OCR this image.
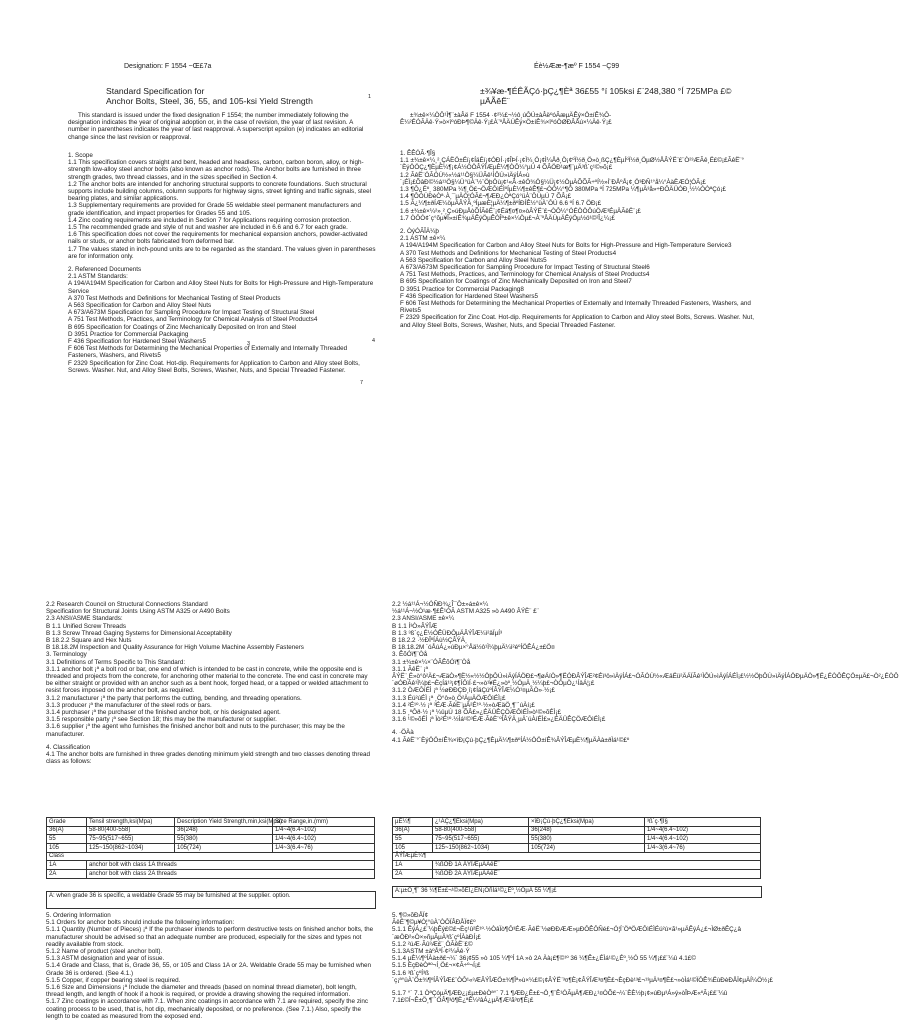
Designation: F 1554 ~Œ£7a	Éè½Ææ-¶æº F 1554 ~Ç99
Standard Specification for
Anchor Bolts, Steel, 36, 55, and 105-ksi Yield Strength	1
±¾¥æ-¶ÉÊÃÇó·þÇ¿¶Èª 36£55 °í 105ksi £¨248,380 °Í 725MPa £©
µÄÃêË¨

This standard is issued under the fixed designation F 1554; the number immediately following the designation indicates the year of original adoption or, in the case of revision, the year of last revision. A number in parentheses indicates the year of last reapproval. A superscript epsilon (e) indicates an editorial change since the last revision or reapproval.

±¾±ê×¼ÒÔ¹Ì¶¨±àÂë F 1554 ·¢²¼£¬½ô¸úÔÚ±àÂëºóÃæµÄÊý×Ö±íÊ¾ÔÊ¼²ÉÓÃÄê·Ý»ò×îºóÐÞ¶©Äê·Ý¡£À¨ºÅÄÚÊý×Ö±íÊ¾×îºóÖØÐÂÅú×¼Äê·Ý¡£

1. Scope

1.1 This specification covers straight and bent, headed and headless, carbon, carbon boron, alloy, or high-strength low-alloy steel anchor bolts (also known as anchor rods). The Anchor bolts are furnished in three strength grades, two thread classes, and in the sizes specified in Section 4.

1.2 The anchor bolts are intended for anchoring structural supports to concrete foundations. Such structural supports include building columns, column supports for highway signs, street lighting and traffic signals, steel bearing plates, and similar applications.

1.3 Supplementary requirements are provided for Grade 55 weldable steel permanent manufacturers and grade identification, and impact properties for Grades 55 and 105.

1.4 Zinc coating requirements are included in Section 7 for Applications requiring corrosion protection.

1.5 The recommended grade and style of nut and washer are included in 6.6 and 6.7 for each grade.

1.6 This specification does not cover the requirements for mechanical expansion anchors, powder-activated nails or studs, or anchor bolts fabricated from deformed bar.

1.7 The values stated in inch-pound units are to be regarded as the standard. The values given in parentheses are for information only.

2. Referenced Documents

2.1 ASTM Standards:

A 194/A194M Specification for Carbon and Alloy Steel Nuts for Bolts for High-Pressure and High-Temperature Service

A 370 Test Methods and Definitions for Mechanical Testing of Steel Products

A 563 Specification for Carbon and Alloy Steel Nuts

A 673/A673M Specification for Sampling Procedure for Impact Testing of Structural Steel

A 751 Test Methods, Practices, and Terminology for Chemical Analysis of Steel Products4

B 695 Specification for Coatings of Zinc Mechanically Deposited on Iron and Steel

D 3951 Practice for Commercial Packaging

F 436 Specification for Hardened Steel Washers5

F 606 Test Methods for Determining the Mechanical Properties of Externally and Internally Threaded Fasteners, Washers, and Rivets5

F 2329 Specification for Zinc Coat. Hot-dip. Requirements for Application to Carbon and Alloy steel Bolts, Screws. Washer. Nut, and Alloy Steel Bolts, Screws, Washer, Nuts, and Special Threaded Fastener.

1. ÊÊÓÃ·¶Î§

1.1 ±¾±ê×¼¸²¸ÇÁËÖ±Éí¡¢ÍäÉí¡¢ÓÐÍ·¡¢ÎÞÍ·¡¢Ì¼¸Ö¡¢Ì¼Åð¸Ö¡¢ºÏ½ð¸Ö»ò¸ßÇ¿¶ÈµÍºÏ½ð¸ÖµØ½ÅÂÝË¨£¨Ò²³ÆÃê¸Ë£©¡£ÃêË¨°´ÈýÖÖÇ¿¶ÈµÈ¼¶¡¢Á½ÖÖÂÝÎÆµÈ¼¶ÒÔ¼°µÚ 4 ÕÂÖÐ¹æ¶¨µÄ³ß´ç¹©»õ¡£

1.2 ÃêË¨ÓÃÓÚ½«½á¹¹Ö§¼ÜÃê¹ÌÔÚ»ìÄýÍÁ»ù´¡ÉÏ¡£ÕâÐ©½á¹¹Ö§¼Ü°üÀ¨½¨ÖþÖù¡¢¹«Â·±êÖ¾Ö§¼Ü¡¢½ÖµÀÕÕÃ÷ºÍ½»Í¨ÐÅºÅ¡¢¸Ö³ÐÑ¹°å¼°ÀàËÆÓ¦ÓÃ¡£

1.3 ¶Ô¿Éº¸ 380MPa ¼¶¸Ö£¬ÖÆÔìÉÌºÍµÈ¼¶±êÊ¶£¬ÒÔ¼°¶Ô 380MPa ºÍ 725MPa ¼¶µÄ³å»÷ÐÔÄÜÓÐ¸½¼ÓÒªÇó¡£

1.4 ¶ÔÓÚÐèÒª·À¸¯µÄÓ¦ÓÃ£¬¶ÆÐ¿ÒªÇó°üÀ¨ÔÚµÚ 7 ÕÂ¡£

1.5 Ã¿¼¶±ðÍÆ¼öµÄÂÝÄ¸ºÍµæÈ¦µÄ¼¶±ðºÍÐÍÊ½°üÀ¨ÔÚ 6.6 ºÍ 6.7 ÖÐ¡£

1.6 ±¾±ê×¼²»¸²¸Ç»úÐµÅòÕÍÃêË¨¡¢Éä¶¤¶¤»òÂÝË¨£¬ÒÔ¼°ÓÉÖÖÔúÖÆ³ÉµÄÃêË¨¡£

1.7 ÒÔÓ¢´ç°õµ¥Î»±íÊ¾µÄÊýÖµÊÓÎª±ê×¼Öµ£¬À¨ºÅÄÚµÄÊýÖµ½ö¹©²Î¿¼¡£

2. ÒýÓÃÎÄ¼þ

2.1 ASTM ±ê×¼

A 194/A194M Specification for Carbon and Alloy Steel Nuts for Bolts for High-Pressure and High-Temperature Service3

A 370 Test Methods and Definitions for Mechanical Testing of Steel Products4

A 563 Specification for Carbon and Alloy Steel Nuts5

A 673/A673M Specification for Sampling Procedure for Impact Testing of Structural Steel6

A 751 Test Methods, Practices, and Terminology for Chemical Analysis of Steel Products4

B 695 Specification for Coatings of Zinc Mechanically Deposited on Iron and Steel7

D 3951 Practice for Commercial Packaging8

F 436 Specification for Hardened Steel Washers5

F 606 Test Methods for Determining the Mechanical Properties of Externally and Internally Threaded Fasteners, Washers, and Rivets5

F 2329 Specification for Zinc Coat. Hot-dip. Requirements for Application to Carbon and Alloy steel Bolts, Screws. Washer. Nut, and Alloy Steel Bolts, Screws, Washer, Nuts, and Special Threaded Fastener.

3	4
7

2.2 Research Council on Structural Connections Standard

Specification for Structural Joints Using ASTM A325 or A490 Bolts

2.3 ANSI/ASME Standards:

B 1.1 Unified Screw Threads

B 1.3 Screw Thread Gaging Systems for Dimensional Acceptability

B 18.2.2 Square and Hex Nuts

B 18.18.2M Inspection and Quality Assurance for High Volume Machine Assembly Fasteners

3. Terminology

3.1 Definitions of Terms Specific to This Standard:

3.1.1 anchor bolt ¡ª a bolt rod or bar, one end of which is intended to be cast in concrete, while the opposite end is threaded and projects from the concrete, for anchoring other material to the concrete. The end cast in concrete may be either straight or provided with an anchor such as a bent hook, forged head, or a tapped or welded attachment to resist forces imposed on the anchor bolt, as required.

3.1.2 manufacturer ¡ª the party that performs the cutting, bending, and threading operations.

3.1.3 producer ¡ª the manufacturer of the steel rods or bars.

3.1.4 purchaser ¡ª the purchaser of the finished anchor bolt, or his designated agent.

3.1.5 responsible party ¡ª see Section 18; this may be the manufacturer or supplier.

3.1.6 supplier ¡ª the agent who furnishes the finished anchor bolt and nuts to the purchaser; this may be the manufacturer.

4. Classification

4.1 The anchor bolts are furnished in three grades denoting minimum yield strength and two classes denoting thread class as follows:

2.2 ½á¹¹Á¬½ÓÑÐ¾¿Î¯Ô±»á±ê×¼

½á¹¹Á¬½Ó¹æ·¶£Ê¹ÓÃ ASTM A325 »ò A490 ÂÝË¨ £¨

2.3 ANSI/ASME ±ê×¼

B 1.1 Í³Ò»ÂÝÎÆ

B 1.3 ³ß´ç¿É½ÓÊÜÐÔµÄÂÝÎÆ¼ì²âÏµÍ³

B 18.2.2 ·½ÐÎºÍÁù½ÇÂÝÄ¸

B 18.18.2M ´óÅúÁ¿»úÐµ×°Åä½ô¹Ì¼þµÄ¼ì²éºÍÖÊÁ¿±£Ö¤

3. ÊõÓï¶¨Òå

3.1 ±¾±ê×¼×¨ÓÃÊõÓï¶¨Òå

3.1.1 ÃêË¨ ¡ª ÂÝË¨¸Ë»ò°ô²Ä£¬ÆäÒ»¶Ë½«½½ÖþÔÚ»ìÄýÍÁÖÐ£¬¶øÁíÒ»¶ËÓÐÂÝÎÆ²¢Éì³ö»ìÄýÍÁ£¬ÓÃÓÚ½«ÆäËü²ÄÁÏÃê¹ÌÔÚ»ìÄýÍÁÉÏ¡£½½ÖþÔÚ»ìÄýÍÁÖÐµÄÒ»¶Ë¿ÉÒÔÊÇÖ±µÄ£¬Ò²¿ÉÒÔ´øÓÐÃê¹Ì¼þ£¬ÈçÍä¹³¡¢¶ÍÔìÍ·£¬»ò¹¥Ë¿»òº¸½ÓµÄ¸½¼þ£¬ÒÔµÖ¿¹ÍâÁ¦¡£

3.1.2 ÖÆÔìÉÌ ¡ª ½øÐÐÇÐ¸î¡¢ÍäÇúºÍÂÝÎÆ¼Ó¹¤µÄÒ»·½¡£

3.1.3 Éú²úÉÌ ¡ª ¸Ö°ô»ò¸Ö²ÄµÄÖÆÔìÉÌ¡£

3.1.4 ²É¹º·½ ¡ª ³ÉÆ·ÃêË¨µÄ²É¹º·½»òÆäÖ¸¶¨´úÀí¡£

3.1.5 ¸ºÔð·½ ¡ª ¼ûµÚ 18 ÕÂ£»¿ÉÄÜÊÇÖÆÔìÉÌ»ò¹©»õÉÌ¡£

3.1.6 ¹©»õÉÌ ¡ª Ïò²É¹º·½Ìá¹©³ÉÆ·ÃêË¨ºÍÂÝÄ¸µÄ´úÀíÉÌ£»¿ÉÄÜÊÇÖÆÔìÉÌ¡£

4. ·ÖÀà

4.1 ÃêË¨°´ÈýÖÖ±íÊ¾×îÐ¡Çú·þÇ¿¶ÈµÄ¼¶±ðºÍÁ½ÖÖ±íÊ¾ÂÝÎÆµÈ¼¶µÄÀà±ðÌá¹©£º

Grade	Tensil strength,ksi(Mpa)	Description Yield Strength,min,ksi(Mpa)	Size Range,in.(mm)
36(A)	58-80(400-558)	36(248)	1/4~4(6.4~102)
55	75~95(517~655)	55(380)	1/4~4(6.4~102)
105	125~150(862~1034)	105(724)	1/4~3(6.4~76)
Class			
1A	anchor bolt with class 1A threads		
2A	anchor bolt with class 2A threads		
A: when grade 36 is specific, a weldable Grade 55 may be furnished at the supplier. option.
µÈ¼¶	¿¹ÀÇ¿¶Èksi(Mpa)	×îÐ¡Çú·þÇ¿¶Èksi(Mpa)	³ß´ç·¶Î§
36(A)	58-80(400-558)	36(248)	1/4~4(6.4~102)
55	75~95(517~655)	55(380)	1/4~4(6.4~102)
105	125~150(862~1034)	105(724)	1/4~3(6.4~76)
ÂÝÎÆµÈ¼¶			
1A	¾ßÓÐ 1A ÂÝÎÆµÄÃêË¨		
2A	¾ßÓÐ 2A ÂÝÎÆµÄÃêË¨		
A:µ±Ö¸¶¨ 36 ¼¶Ê±£¬¹©»õÉÌ¿ÉÑ¡ÔñÌá¹©¿Éº¸½ÓµÄ 55 ¼¶¡£

5. Ordering Information

5.1 Orders for anchor bolts should include the following information:

5.1.1 Quantity (Number of Pieces) ¡ª If the purchaser intends to perform destructive tests on finished anchor bolts, the manufacturer should be advised so that an adequate number are produced, especially for the sizes and types not readily available from stock.

5.1.2 Name of product (steel anchor bolt).

5.1.3 ASTM designation and year of issue.

5.1.4 Grade and Class, that is, Grade 36, 55, or 105 and Class 1A or 2A. Weldable Grade 55 may be furnished when Grade 36 is ordered. (See 4.1.)

5.1.5 Copper, if copper bearing steel is required.

5.1.6 Size and Dimensions ¡ª Include the diameter and threads (based on nominal thread diameter), bolt length, thread length, and length of hook if a hook is required, or provide a drawing showing the required information.

5.1.7 Zinc coatings in accordance with 7.1. When zinc coatings in accordance with 7.1 are required, specify the zinc coating process to be used, that is, hot dip, mechanically deposited, or no preference. (See 7.1.) Also, specify the length to be coated as measured from the exposed end.

5. ¶©»õÐÅÏ¢

ÃêË¨¶©µ¥Ó¦°üÀ¨ÒÔÏÂÐÅÏ¢£º

5.1.1 ÊýÁ¿£¨¼þÊý£©£¬Èç¹û²É¹º·½ÒâÏò¶Ô³ÉÆ·ÃêË¨½øÐÐÆÆ»µÐÔÊÔÑé£¬Ó¦Í¨ÖªÖÆÔìÉÌÉú²ú×ã¹»µÄÊýÁ¿£¬ÌØ±ðÊÇ¿â´æÖÐ²»Ò×»ñµÃµÄ³ß´çºÍÀàÐÍ¡£

5.1.2 ²úÆ·Ãû³Æ£¨¸ÖÃêË¨£©

5.1.3ASTM ±àºÅºÍ·¢²¼Äê·Ý

5.1.4 µÈ¼¶ºÍÀà±ð£¬¼´ 36¡¢55 »ò 105 ¼¶ºÍ 1A »ò 2A Àà¡£¶©¹º 36 ¼¶Ê±¿ÉÌá¹©¿Éº¸½Ó 55 ¼¶¡££¨¼û 4.1£©

5.1.5 ÈçÐèÒªº¬Í¸Ö£¬×¢Ã÷º¬Í¡£

5.1.6 ³ß´çºÍ³ß´ç¡ª°üÀ¨Ö±¾¶ºÍÂÝÎÆ£¨ÒÔ¹«³ÆÂÝÎÆÖ±¾¶Îª»ù×¼£©¡¢ÂÝË¨³¤¶È¡¢ÂÝÎÆ³¤¶È£¬ÈçÐè¹³£¬¹³µÄ³¤¶È£¬»òÌá¹©ÏÔÊ¾ËùÐèÐÅÏ¢µÄÍ¼Ö½¡£

5.1.7 °´ 7.1 ÒªÇóµÄ¶ÆÐ¿¡£µ±ÐèÒª°´ 7.1 ¶ÆÐ¿Ê±£¬Ö¸¶¨Ê¹ÓÃµÄ¶ÆÐ¿¹¤ÒÕ£¬¼´ÈÈ½þ¡¢»úÐµ³Á»ý»òÎÞÆ«ºÃ¡££¨¼û 7.1£©Í¬Ê±Ö¸¶¨´ÓÂ¶³ö¶Ë¿ªÊ¼²âÁ¿µÄ¶Æ²ã³¤¶È¡£
